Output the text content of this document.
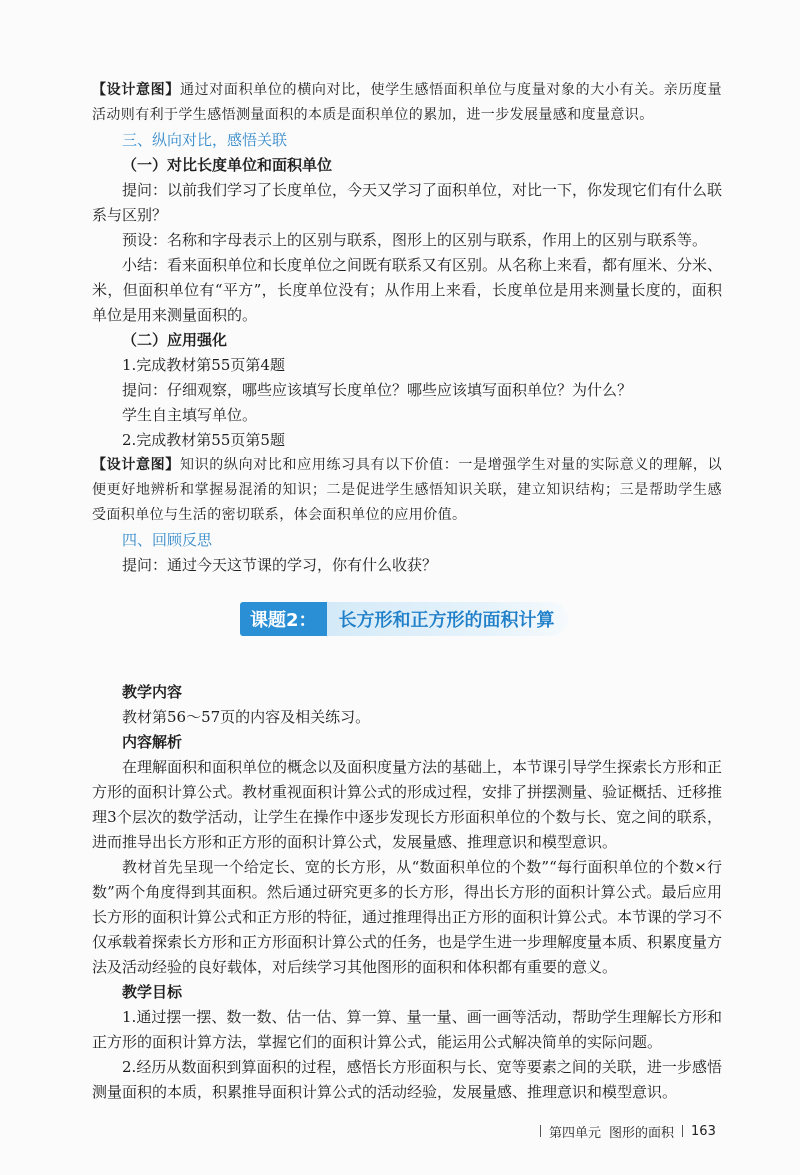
【设计意图】通过对面积单位的横向对比，使学生感悟面积单位与度量对象的大小有关。亲历度量活动则有利于学生感悟测量面积的本质是面积单位的累加，进一步发展量感和度量意识。

三、纵向对比，感悟关联
（一）对比长度单位和面积单位

提问：以前我们学习了长度单位，今天又学习了面积单位，对比一下，你发现它们有什么联系与区别？

预设：名称和字母表示上的区别与联系，图形上的区别与联系，作用上的区别与联系等。

小结：看来面积单位和长度单位之间既有联系又有区别。从名称上来看，都有厘米、分米、米，但面积单位有“平方”，长度单位没有；从作用上来看，长度单位是用来测量长度的，面积单位是用来测量面积的。

（二）应用强化

1.完成教材第55页第4题

提问：仔细观察，哪些应该填写长度单位？哪些应该填写面积单位？为什么？

学生自主填写单位。

2.完成教材第55页第5题

【设计意图】知识的纵向对比和应用练习具有以下价值：一是增强学生对量的实际意义的理解，以便更好地辨析和掌握易混淆的知识；二是促进学生感悟知识关联，建立知识结构；三是帮助学生感受面积单位与生活的密切联系，体会面积单位的应用价值。

四、回顾反思

提问：通过今天这节课的学习，你有什么收获？

课题2：	长方形和正方形的面积计算
教学内容

教材第56～57页的内容及相关练习。

内容解析

在理解面积和面积单位的概念以及面积度量方法的基础上，本节课引导学生探索长方形和正方形的面积计算公式。教材重视面积计算公式的形成过程，安排了拼摆测量、验证概括、迁移推理3个层次的数学活动，让学生在操作中逐步发现长方形面积单位的个数与长、宽之间的联系，进而推导出长方形和正方形的面积计算公式，发展量感、推理意识和模型意识。

教材首先呈现一个给定长、宽的长方形，从“数面积单位的个数”“每行面积单位的个数×行数”两个角度得到其面积。然后通过研究更多的长方形，得出长方形的面积计算公式。最后应用长方形的面积计算公式和正方形的特征，通过推理得出正方形的面积计算公式。本节课的学习不仅承载着探索长方形和正方形面积计算公式的任务，也是学生进一步理解度量本质、积累度量方法及活动经验的良好载体，对后续学习其他图形的面积和体积都有重要的意义。

教学目标

1.通过摆一摆、数一数、估一估、算一算、量一量、画一画等活动，帮助学生理解长方形和正方形的面积计算方法，掌握它们的面积计算公式，能运用公式解决简单的实际问题。

2.经历从数面积到算面积的过程，感悟长方形面积与长、宽等要素之间的关联，进一步感悟测量面积的本质，积累推导面积计算公式的活动经验，发展量感、推理意识和模型意识。

第四单元 图形的面积 163
